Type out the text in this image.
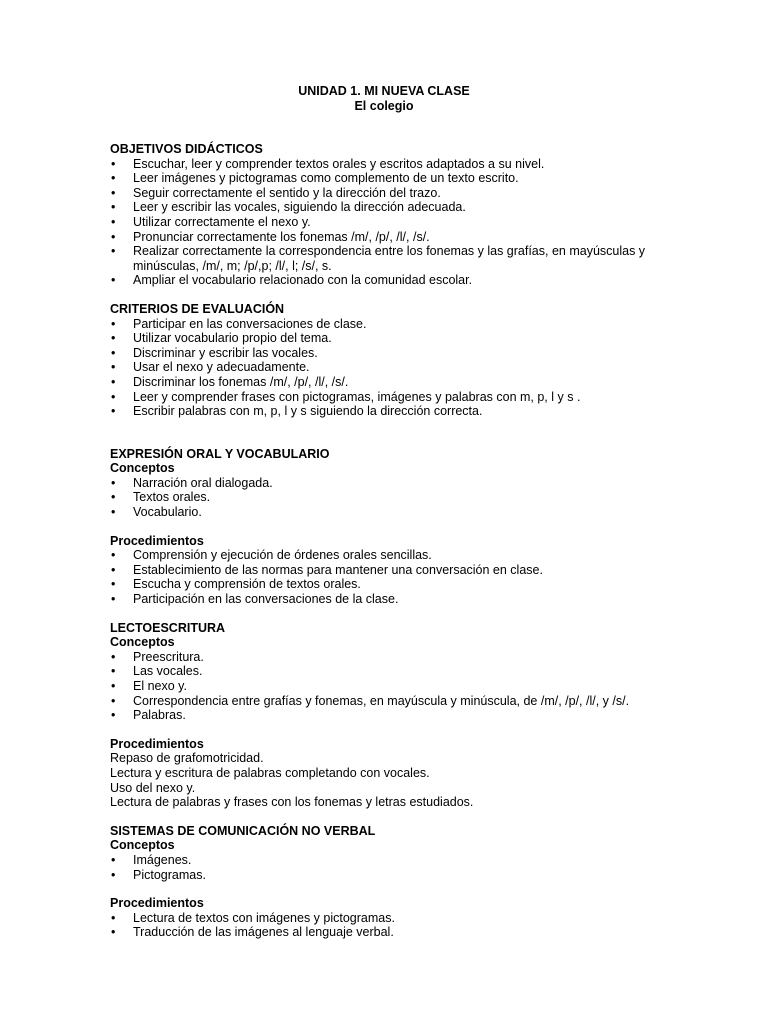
UNIDAD 1. MI NUEVA CLASE
El colegio
OBJETIVOS DIDÁCTICOS
• Escuchar, leer y comprender textos orales y escritos adaptados a su nivel.
• Leer imágenes y pictogramas como complemento de un texto escrito.
• Seguir correctamente el sentido y la dirección del trazo.
• Leer y escribir las vocales, siguiendo la dirección adecuada.
• Utilizar correctamente el nexo y.
• Pronunciar correctamente los fonemas /m/, /p/, /l/, /s/.
• Realizar correctamente la correspondencia entre los fonemas y las grafías, en mayúsculas y minúsculas, /m/, m; /p/,p; /l/, l; /s/, s.
• Ampliar el vocabulario relacionado con la comunidad escolar.
CRITERIOS DE EVALUACIÓN
• Participar en las conversaciones de clase.
• Utilizar vocabulario propio del tema.
• Discriminar y escribir las vocales.
• Usar el nexo y adecuadamente.
• Discriminar los fonemas /m/, /p/, /l/, /s/.
• Leer y comprender frases con pictogramas, imágenes y palabras con m, p, l y s .
• Escribir palabras con m, p, l y s siguiendo la dirección correcta.
EXPRESIÓN ORAL Y VOCABULARIO
Conceptos
• Narración oral dialogada.
• Textos orales.
• Vocabulario.
Procedimientos
• Comprensión y ejecución de órdenes orales sencillas.
• Establecimiento de las normas para mantener una conversación en clase.
• Escucha y comprensión de textos orales.
• Participación en las conversaciones de la clase.
LECTOESCRITURA
Conceptos
• Preescritura.
• Las vocales.
• El nexo y.
• Correspondencia entre grafías y fonemas, en mayúscula y minúscula, de /m/, /p/, /l/, y /s/.
• Palabras.
Procedimientos

Repaso de grafomotricidad.

Lectura y escritura de palabras completando con vocales.

Uso del nexo y.

Lectura de palabras y frases con los fonemas y letras estudiados.

SISTEMAS DE COMUNICACIÓN NO VERBAL
Conceptos
• Imágenes.
• Pictogramas.
Procedimientos
• Lectura de textos con imágenes y pictogramas.
• Traducción de las imágenes al lenguaje verbal.
